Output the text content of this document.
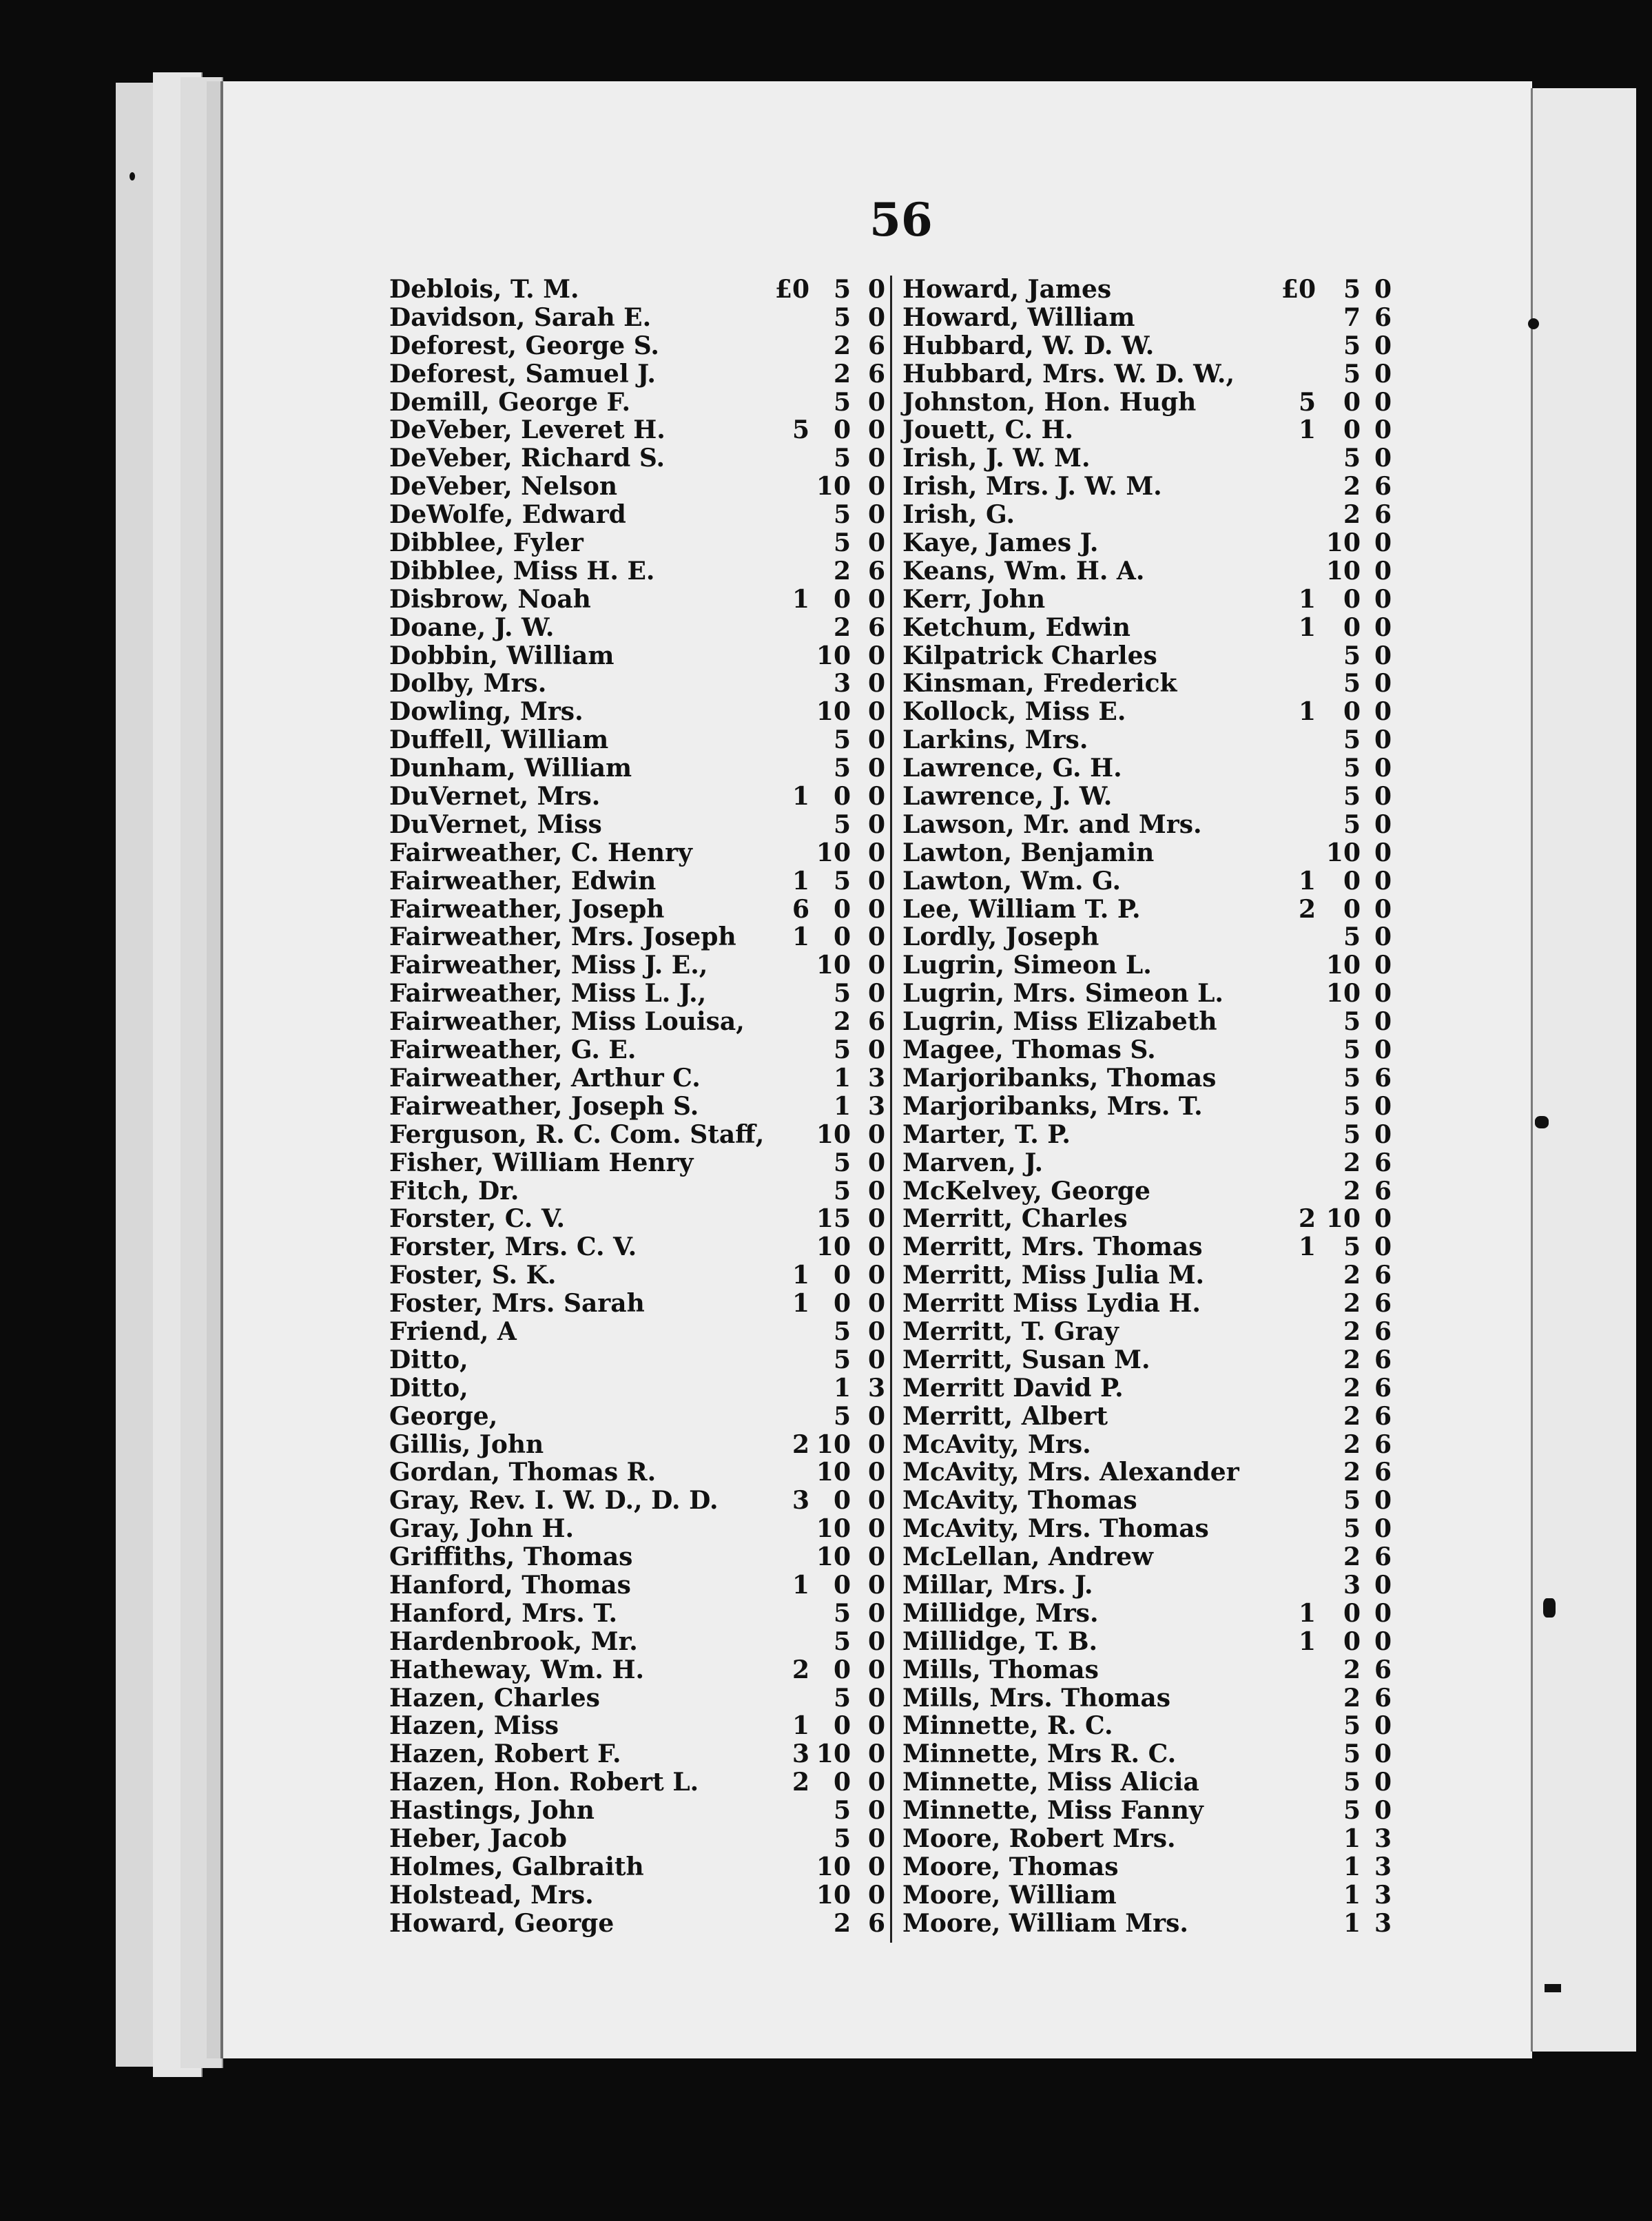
56
Deblois, T. M.	£0 5 0
Davidson, Sarah E.	5 0
Deforest, George S.	2 6
Deforest, Samuel J.	2 6
Demill, George F.	5 0
DeVeber, Leveret H.	5 0 0
DeVeber, Richard S.	5 0
DeVeber, Nelson	10 0
DeWolfe, Edward	5 0
Dibblee, Fyler	5 0
Dibblee, Miss H. E.	2 6
Disbrow, Noah	1 0 0
Doane, J. W.	2 6
Dobbin, William	10 0
Dolby, Mrs.	3 0
Dowling, Mrs.	10 0
Duffell, William	5 0
Dunham, William	5 0
DuVernet, Mrs.	1 0 0
DuVernet, Miss	5 0
Fairweather, C. Henry	10 0
Fairweather, Edwin	1 5 0
Fairweather, Joseph	6 0 0
Fairweather, Mrs. Joseph	1 0 0
Fairweather, Miss J. E.,	10 0
Fairweather, Miss L. J.,	5 0
Fairweather, Miss Louisa,	2 6
Fairweather, G. E.	5 0
Fairweather, Arthur C.	1 3
Fairweather, Joseph S.	1 3
Ferguson, R. C. Com. Staff, 10 0
Fisher, William Henry	5 0
Fitch, Dr.	5 0
Forster, C. V.	15 0
Forster, Mrs. C. V.	10 0
Foster, S. K.	1 0 0
Foster, Mrs. Sarah	1 0 0
Friend, A	5 0
Ditto,	5 0
Ditto,	1 3
George,	5 0
Gillis, John	2 10 0
Gordan, Thomas R.	10 0
Gray, Rev. I. W. D., D. D.	3 0 0
Gray, John H.	10 0
Griffiths, Thomas	10 0
Hanford, Thomas	1 0 0
Hanford, Mrs. T.	5 0
Hardenbrook, Mr.	5 0
Hatheway, Wm. H.	2 0 0
Hazen, Charles	5 0
Hazen, Miss	1 0 0
Hazen, Robert F.	3 10 0
Hazen, Hon. Robert L.	2 0 0
Hastings, John	5 0
Heber, Jacob	5 0
Holmes, Galbraith	10 0
Holstead, Mrs.	10 0
Howard, George	2 6
Howard, James	£0	5 0
Howard, William	7 6
Hubbard, W. D. W.	5 0
Hubbard, Mrs. W. D. W.,	5 0
Johnston, Hon. Hugh	5	0 0
Jouett, C. H.	1	0 0
Irish, J. W. M.	5 0
Irish, Mrs. J. W. M.	2 6
Irish, G.	2 6
Kaye, James J.	10 0
Keans, Wm. H. A.	10 0
Kerr, John	1	0 0
Ketchum, Edwin	1	0 0
Kilpatrick Charles	5 0
Kinsman, Frederick	5 0
Kollock, Miss E.	1	0 0
Larkins, Mrs.	5 0
Lawrence, G. H.	5 0
Lawrence, J. W.	5 0
Lawson, Mr. and Mrs.	5 0
Lawton, Benjamin	10 0
Lawton, Wm. G.	1	0 0
Lee, William T. P.	2	0 0
Lordly, Joseph	5 0
Lugrin, Simeon L.	10 0
Lugrin, Mrs. Simeon L.	10 0
Lugrin, Miss Elizabeth	5 0
Magee, Thomas S.	5 0
Marjoribanks, Thomas	5 6
Marjoribanks, Mrs. T.	5 0
Marter, T. P.	5 0
Marven, J.	2 6
McKelvey, George	2 6
Merritt, Charles	2 10 0
Merritt, Mrs. Thomas	1	5 0
Merritt, Miss Julia M.	2 6
Merritt Miss Lydia H.	2 6
Merritt, T. Gray	2 6
Merritt, Susan M.	2 6
Merritt David P.	2 6
Merritt, Albert	2 6
McAvity, Mrs.	2 6
McAvity, Mrs. Alexander	2 6
McAvity, Thomas	5 0
McAvity, Mrs. Thomas	5 0
McLellan, Andrew	2 6
Millar, Mrs. J.	3 0
Millidge, Mrs.	1	0 0
Millidge, T. B.	1	0 0
Mills, Thomas	2 6
Mills, Mrs. Thomas	2 6
Minnette, R. C.	5 0
Minnette, Mrs R. C.	5 0
Minnette, Miss Alicia	5 0
Minnette, Miss Fanny	5 0
Moore, Robert Mrs.	1 3
Moore, Thomas	1 3
Moore, William	1 3
Moore, William Mrs.	1 3
